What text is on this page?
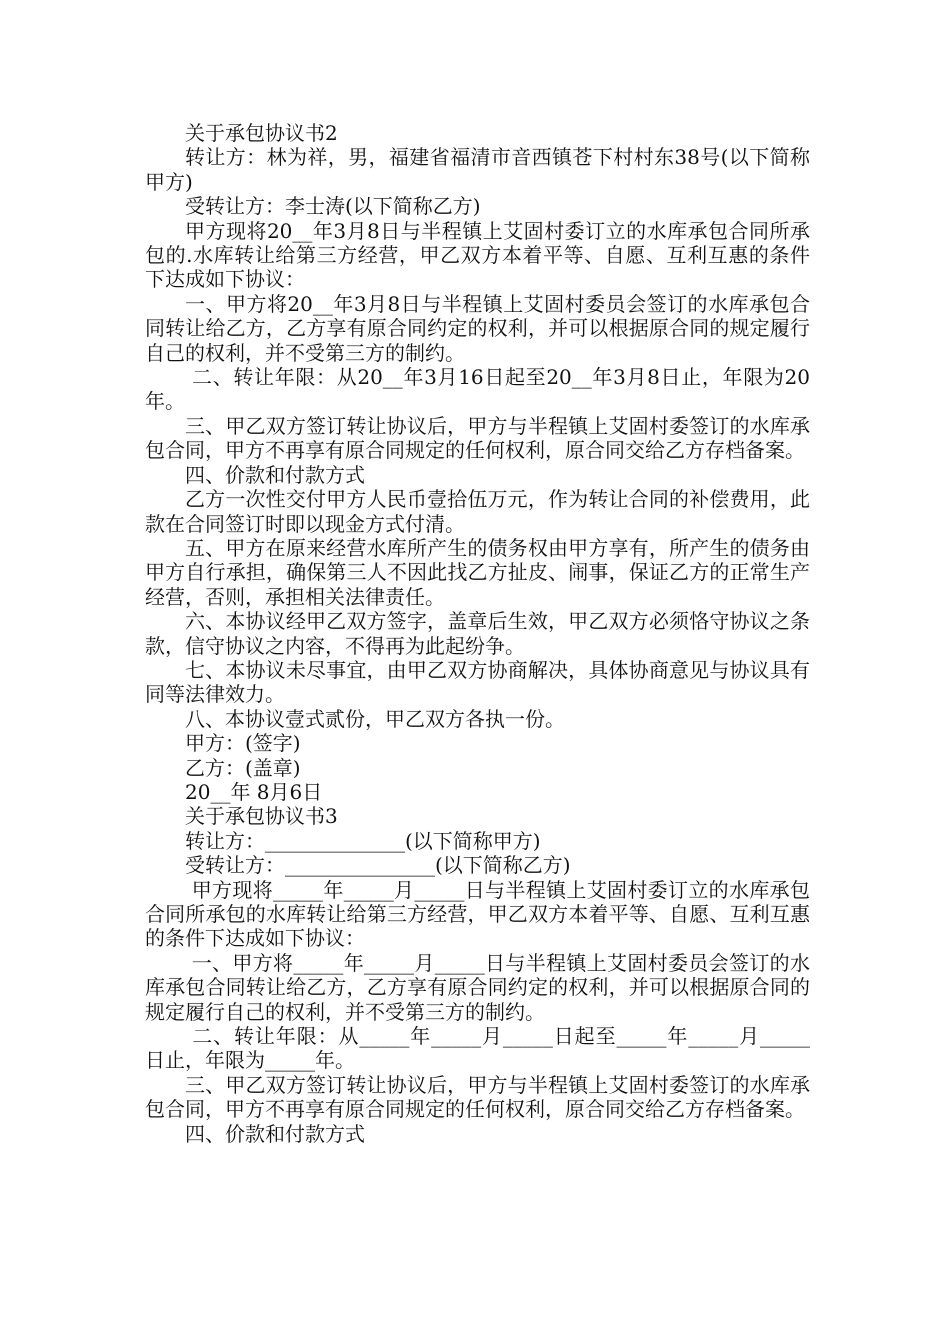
关于承包协议书2

转让方：林为祥，男，福建省福清市音西镇苍下村村东38号(以下简称甲方)

受转让方：李士涛(以下简称乙方)

甲方现将20__年3月8日与半程镇上艾固村委订立的水库承包合同所承包的.水库转让给第三方经营，甲乙双方本着平等、自愿、互利互惠的条件下达成如下协议：

一、甲方将20__年3月8日与半程镇上艾固村委员会签订的水库承包合同转让给乙方，乙方享有原合同约定的权利，并可以根据原合同的规定履行自己的权利，并不受第三方的制约。

二、转让年限：从20__年3月16日起至20__年3月8日止，年限为20年。

三、甲乙双方签订转让协议后，甲方与半程镇上艾固村委签订的水库承包合同，甲方不再享有原合同规定的任何权利，原合同交给乙方存档备案。

四、价款和付款方式

乙方一次性交付甲方人民币壹拾伍万元，作为转让合同的补偿费用，此款在合同签订时即以现金方式付清。

五、甲方在原来经营水库所产生的债务权由甲方享有，所产生的债务由甲方自行承担，确保第三人不因此找乙方扯皮、闹事，保证乙方的正常生产经营，否则，承担相关法律责任。

六、本协议经甲乙双方签字，盖章后生效，甲乙双方必须恪守协议之条款，信守协议之内容，不得再为此起纷争。

七、本协议未尽事宜，由甲乙双方协商解决，具体协商意见与协议具有同等法律效力。

八、本协议壹式贰份，甲乙双方各执一份。

甲方：(签字)

乙方：(盖章)

20__年 8月6日

关于承包协议书3

转让方：______________(以下简称甲方)

受转让方：_______________(以下简称乙方)

甲方现将_____年_____月_____日与半程镇上艾固村委订立的水库承包合同所承包的水库转让给第三方经营，甲乙双方本着平等、自愿、互利互惠的条件下达成如下协议：

一、甲方将_____年_____月_____日与半程镇上艾固村委员会签订的水库承包合同转让给乙方，乙方享有原合同约定的权利，并可以根据原合同的规定履行自己的权利，并不受第三方的制约。

二、转让年限：从_____年_____月_____日起至_____年_____月_____日止，年限为_____年。

三、甲乙双方签订转让协议后，甲方与半程镇上艾固村委签订的水库承包合同，甲方不再享有原合同规定的任何权利，原合同交给乙方存档备案。

四、价款和付款方式
